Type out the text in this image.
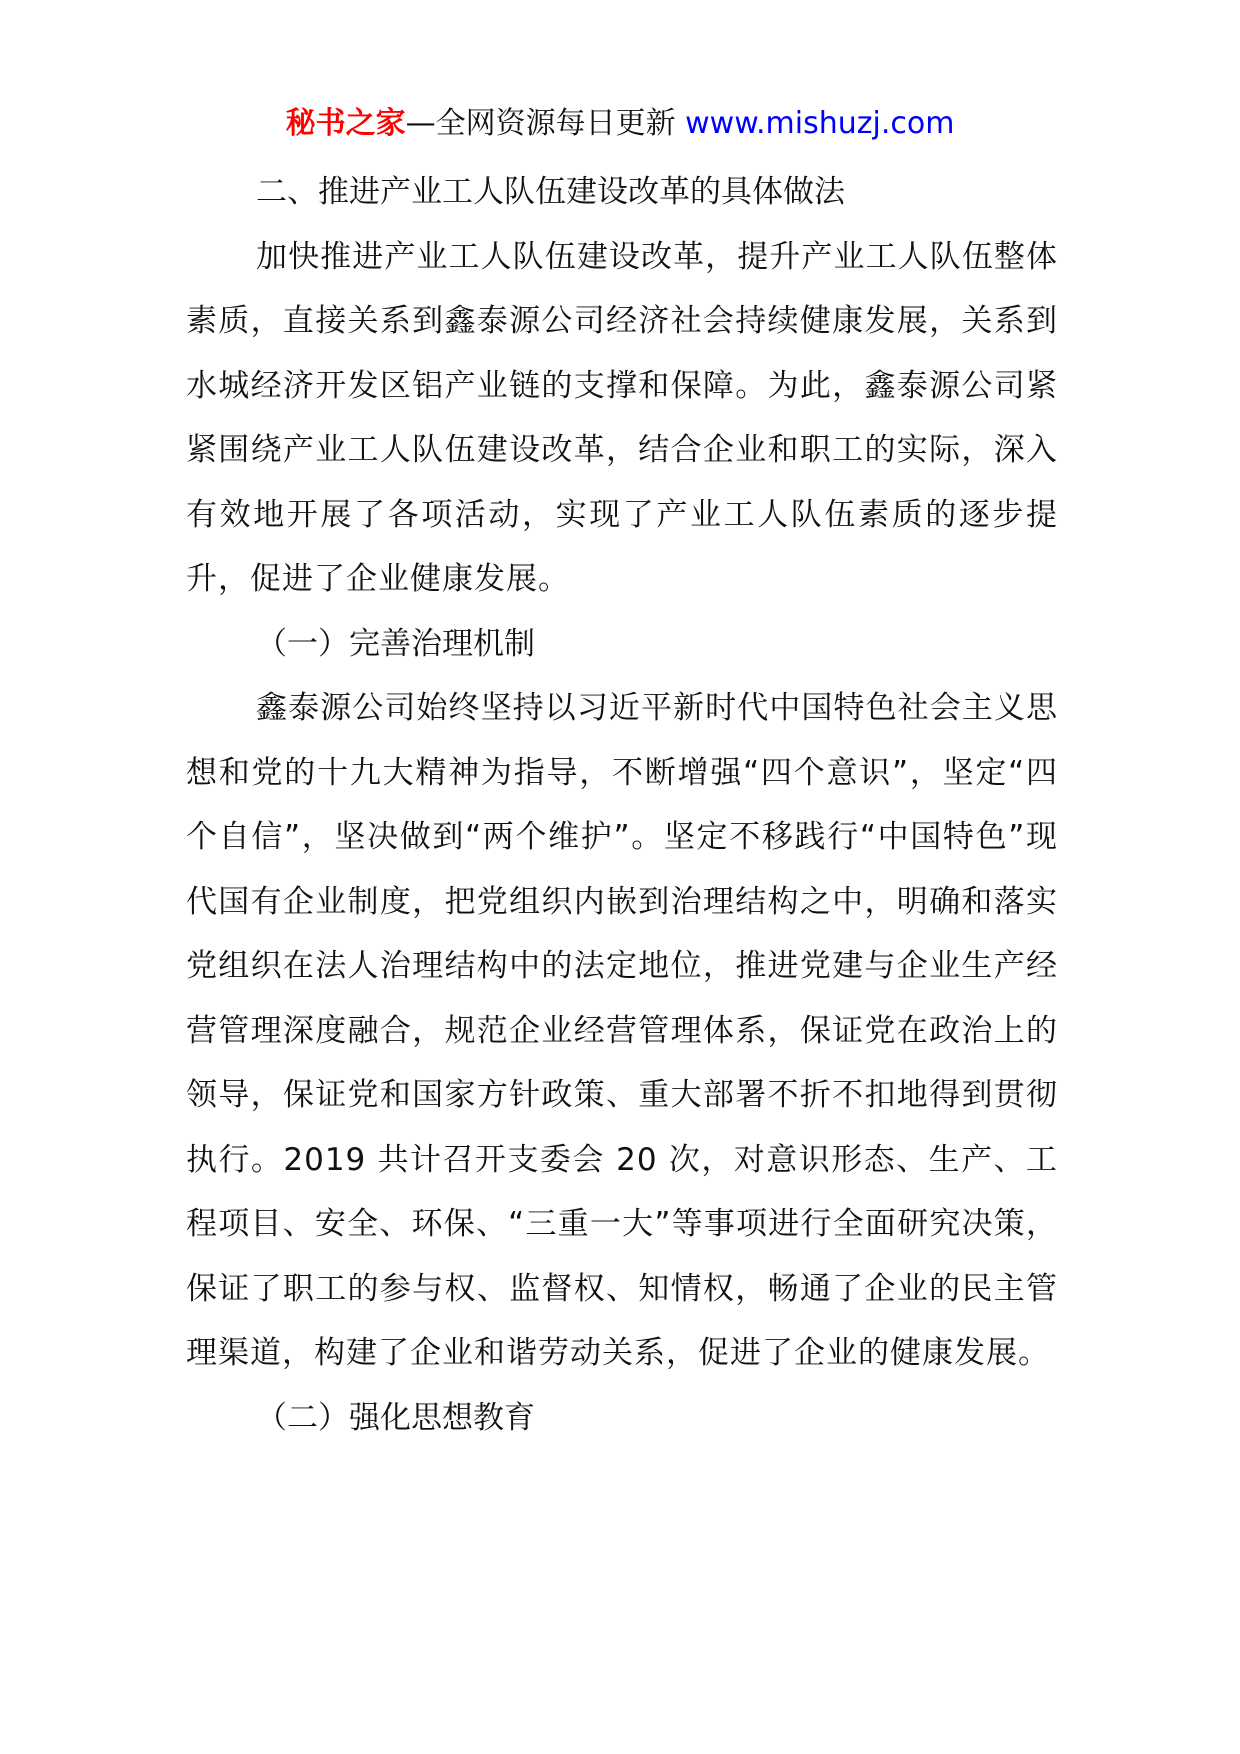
秘书之家—全网资源每日更新 www.mishuzj.com

二、推进产业工人队伍建设改革的具体做法

加快推进产业工人队伍建设改革，提升产业工人队伍整体素质，直接关系到鑫泰源公司经济社会持续健康发展，关系到水城经济开发区铝产业链的支撑和保障。为此，鑫泰源公司紧紧围绕产业工人队伍建设改革，结合企业和职工的实际，深入有效地开展了各项活动，实现了产业工人队伍素质的逐步提升，促进了企业健康发展。

（一）完善治理机制

鑫泰源公司始终坚持以习近平新时代中国特色社会主义思想和党的十九大精神为指导，不断增强“四个意识”，坚定“四个自信”，坚决做到“两个维护”。坚定不移践行“中国特色”现代国有企业制度，把党组织内嵌到治理结构之中，明确和落实党组织在法人治理结构中的法定地位，推进党建与企业生产经营管理深度融合，规范企业经营管理体系，保证党在政治上的领导，保证党和国家方针政策、重大部署不折不扣地得到贯彻执行。2019 共计召开支委会 20 次，对意识形态、生产、工程项目、安全、环保、“三重一大”等事项进行全面研究决策，保证了职工的参与权、监督权、知情权，畅通了企业的民主管理渠道，构建了企业和谐劳动关系，促进了企业的健康发展。

（二）强化思想教育
